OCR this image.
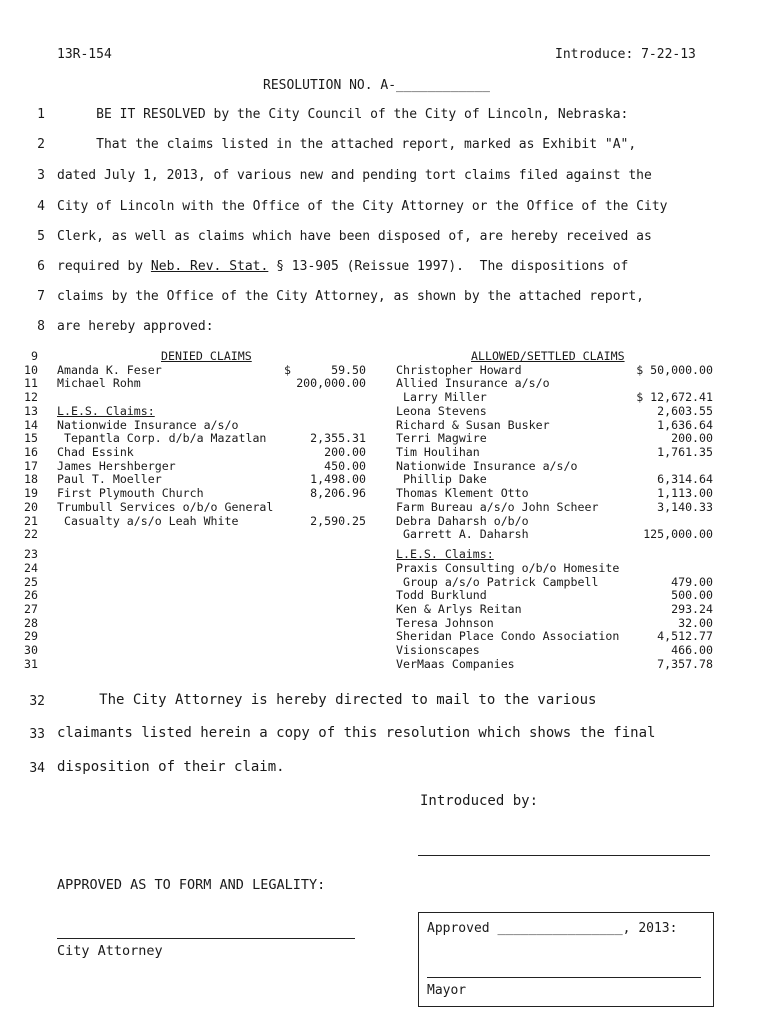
13R-154	Introduce: 7-22-13
RESOLUTION NO. A-____________
1
2
3
4
5
6
7
8
BE IT RESOLVED by the City Council of the City of Lincoln, Nebraska:
That the claims listed in the attached report, marked as Exhibit "A",
dated July 1, 2013, of various new and pending tort claims filed against the
City of Lincoln with the Office of the City Attorney or the Office of the City
Clerk, as well as claims which have been disposed of, are hereby received as
required by Neb. Rev. Stat. § 13-905 (Reissue 1997).  The dispositions of
claims by the Office of the City Attorney, as shown by the attached report,
are hereby approved:
9
10
11
12
13
14
15
16
17
18
19
20
21
22
23
24
25
26
27
28
29
30
31
DENIED CLAIMS
Amanda K. Feser	$	59.50
Michael Rohm	200,000.00
L.E.S. Claims:
Nationwide Insurance a/s/o
Tepantla Corp. d/b/a Mazatlan	2,355.31
Chad Essink	200.00
James Hershberger	450.00
Paul T. Moeller	1,498.00
First Plymouth Church	8,206.96
Trumbull Services o/b/o General
Casualty a/s/o Leah White	2,590.25
ALLOWED/SETTLED CLAIMS
Christopher Howard	$ 50,000.00
Allied Insurance a/s/o
Larry Miller	$ 12,672.41
Leona Stevens	2,603.55
Richard & Susan Busker	1,636.64
Terri Magwire	200.00
Tim Houlihan	1,761.35
Nationwide Insurance a/s/o
Phillip Dake	6,314.64
Thomas Klement Otto	1,113.00
Farm Bureau a/s/o John Scheer	3,140.33
Debra Daharsh o/b/o
Garrett A. Daharsh	125,000.00
L.E.S. Claims:
Praxis Consulting o/b/o Homesite
Group a/s/o Patrick Campbell	479.00
Todd Burklund	500.00
Ken & Arlys Reitan	293.24
Teresa Johnson	32.00
Sheridan Place Condo Association	4,512.77
Visionscapes	466.00
VerMaas Companies	7,357.78
32
33
34
The City Attorney is hereby directed to mail to the various
claimants listed herein a copy of this resolution which shows the final
disposition of their claim.
Introduced by:
APPROVED AS TO FORM AND LEGALITY:
City Attorney
Approved ________________, 2013:
Mayor
